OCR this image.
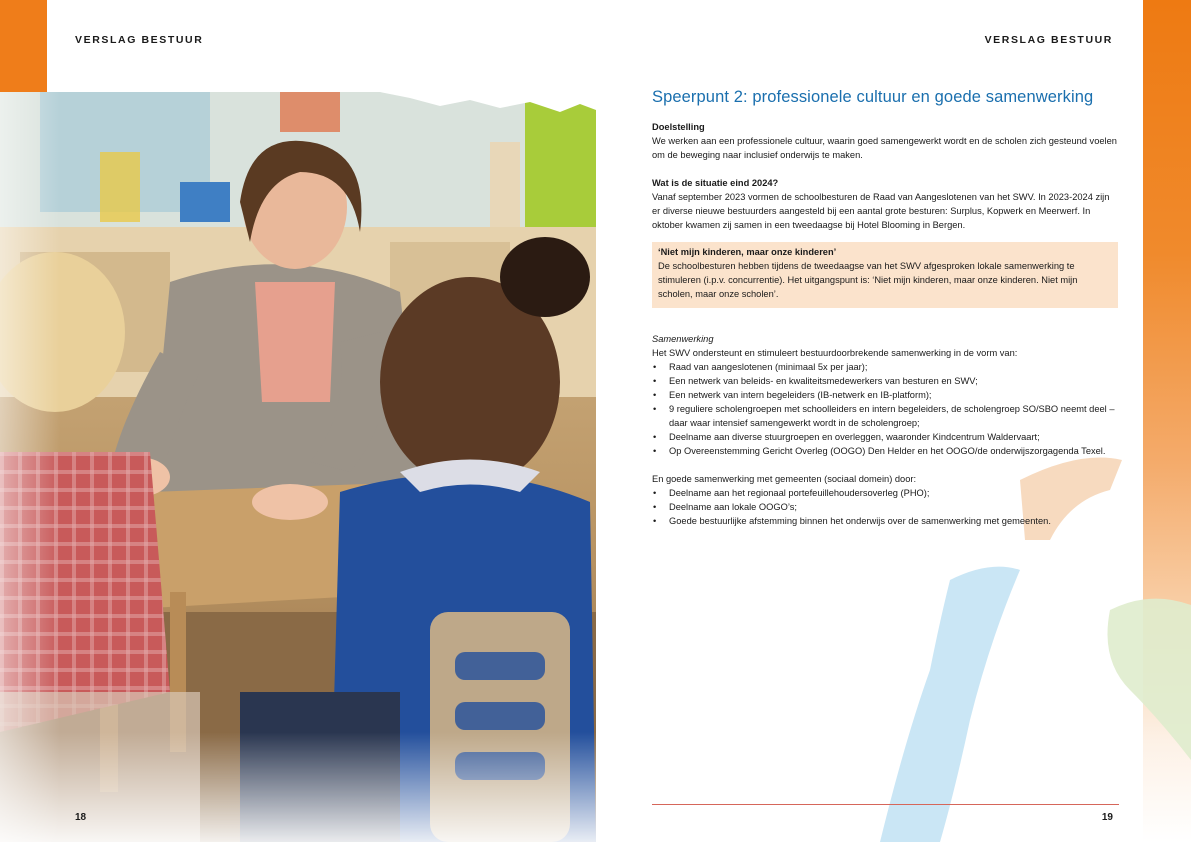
VERSLAG BESTUUR	VERSLAG BESTUUR
18
Speerpunt 2: professionele cultuur en goede samenwerking
Doelstelling

We werken aan een professionele cultuur, waarin goed samengewerkt wordt en de scholen zich gesteund voelen om de beweging naar inclusief onderwijs te maken.

Wat is de situatie eind 2024?

Vanaf september 2023 vormen de schoolbesturen de Raad van Aangeslotenen van het SWV. In 2023-2024 zijn er diverse nieuwe bestuurders aangesteld bij een aantal grote besturen: Surplus, Kopwerk en Meerwerf. In oktober kwamen zij samen in een tweedaagse bij Hotel Blooming in Bergen.

‘Niet mijn kinderen, maar onze kinderen’

De schoolbesturen hebben tijdens de tweedaagse van het SWV afgesproken lokale samenwerking te stimuleren (i.p.v. concurrentie). Het uitgangspunt is: ‘Niet mijn kinderen, maar onze kinderen. Niet mijn scholen, maar onze scholen’.

Samenwerking

Het SWV ondersteunt en stimuleert bestuurdoorbrekende samenwerking in de vorm van:

• Raad van aangeslotenen (minimaal 5x per jaar);
• Een netwerk van beleids- en kwaliteitsmedewerkers van besturen en SWV;
• Een netwerk van intern begeleiders (IB-netwerk en IB-platform);
• 9 reguliere scholengroepen met schoolleiders en intern begeleiders, de scholengroep SO/SBO neemt deel – daar waar intensief samengewerkt wordt in de scholengroep;
• Deelname aan diverse stuurgroepen en overleggen, waaronder Kindcentrum Waldervaart;
• Op Overeenstemming Gericht Overleg (OOGO) Den Helder en het OOGO/de onderwijszorgagenda Texel.

En goede samenwerking met gemeenten (sociaal domein) door:

• Deelname aan het regionaal portefeuillehoudersoverleg (PHO);
• Deelname aan lokale OOGO’s;
• Goede bestuurlijke afstemming binnen het onderwijs over de samenwerking met gemeenten.
19
